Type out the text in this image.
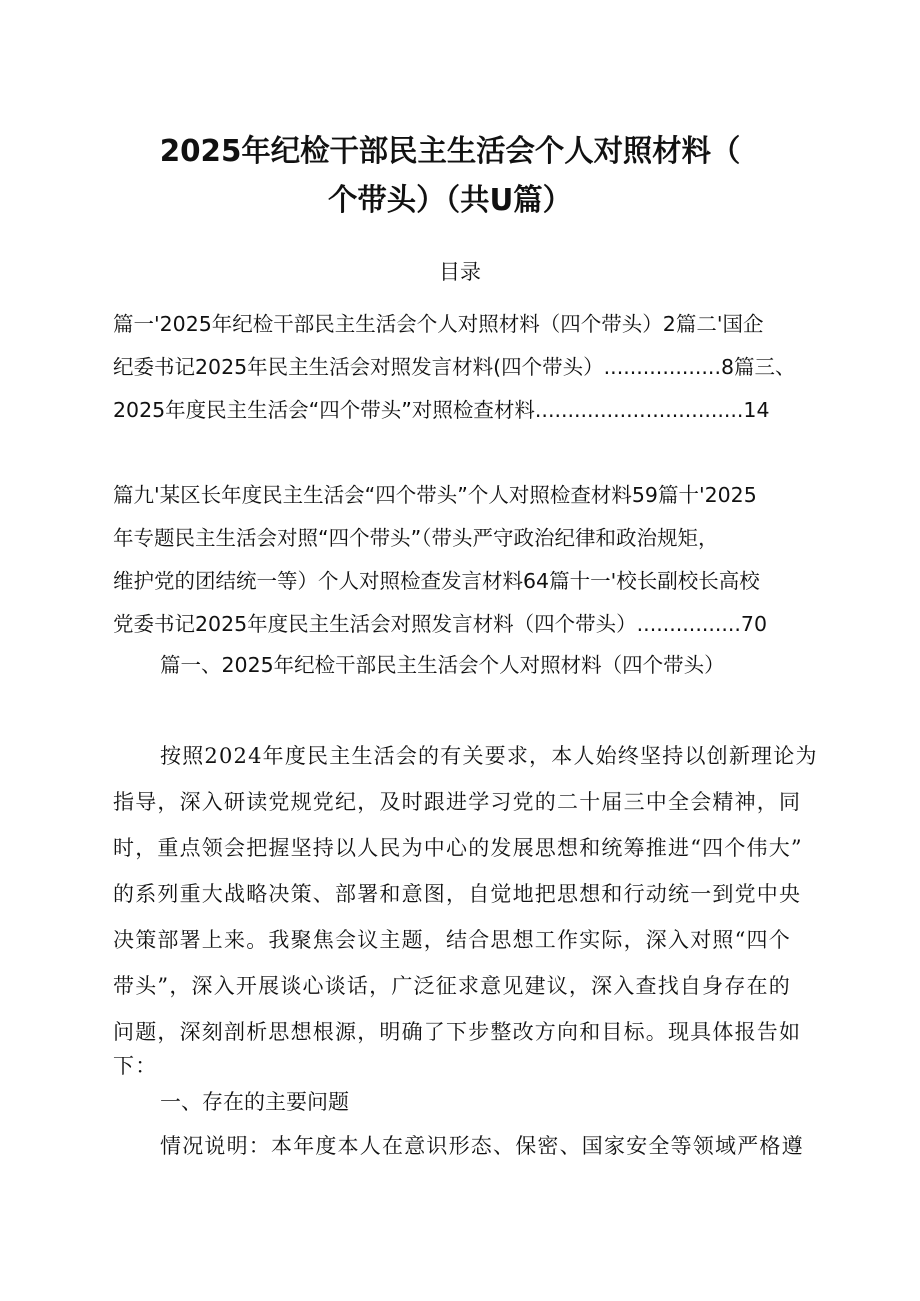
2025年纪检干部民主生活会个人对照材料（
个带头）（共U篇）
目录
篇一'2025年纪检干部民主生活会个人对照材料（四个带头）2篇二'国企
纪委书记2025年民主生活会对照发言材料(四个带头）..................8篇三、
2025年度民主生活会“四个带头”对照检查材料................................14
篇九'某区长年度民主生活会“四个带头”个人对照检查材料59篇十'2025
年专题民主生活会对照“四个带头”（带头严守政治纪律和政治规矩，
维护党的团结统一等）个人对照检查发言材料64篇十一'校长副校长高校
党委书记2025年度民主生活会对照发言材料（四个带头）................70
篇一、2025年纪检干部民主生活会个人对照材料（四个带头）
按照2024年度民主生活会的有关要求，本人始终坚持以创新理论为
指导，深入研读党规党纪，及时跟进学习党的二十届三中全会精神，同
时，重点领会把握坚持以人民为中心的发展思想和统筹推进“四个伟大”
的系列重大战略决策、部署和意图，自觉地把思想和行动统一到党中央
决策部署上来。我聚焦会议主题，结合思想工作实际，深入对照“四个
带头”，深入开展谈心谈话，广泛征求意见建议，深入查找自身存在的
问题，深刻剖析思想根源，明确了下步整改方向和目标。现具体报告如
下：
一、存在的主要问题
情况说明：本年度本人在意识形态、保密、国家安全等领域严格遵
